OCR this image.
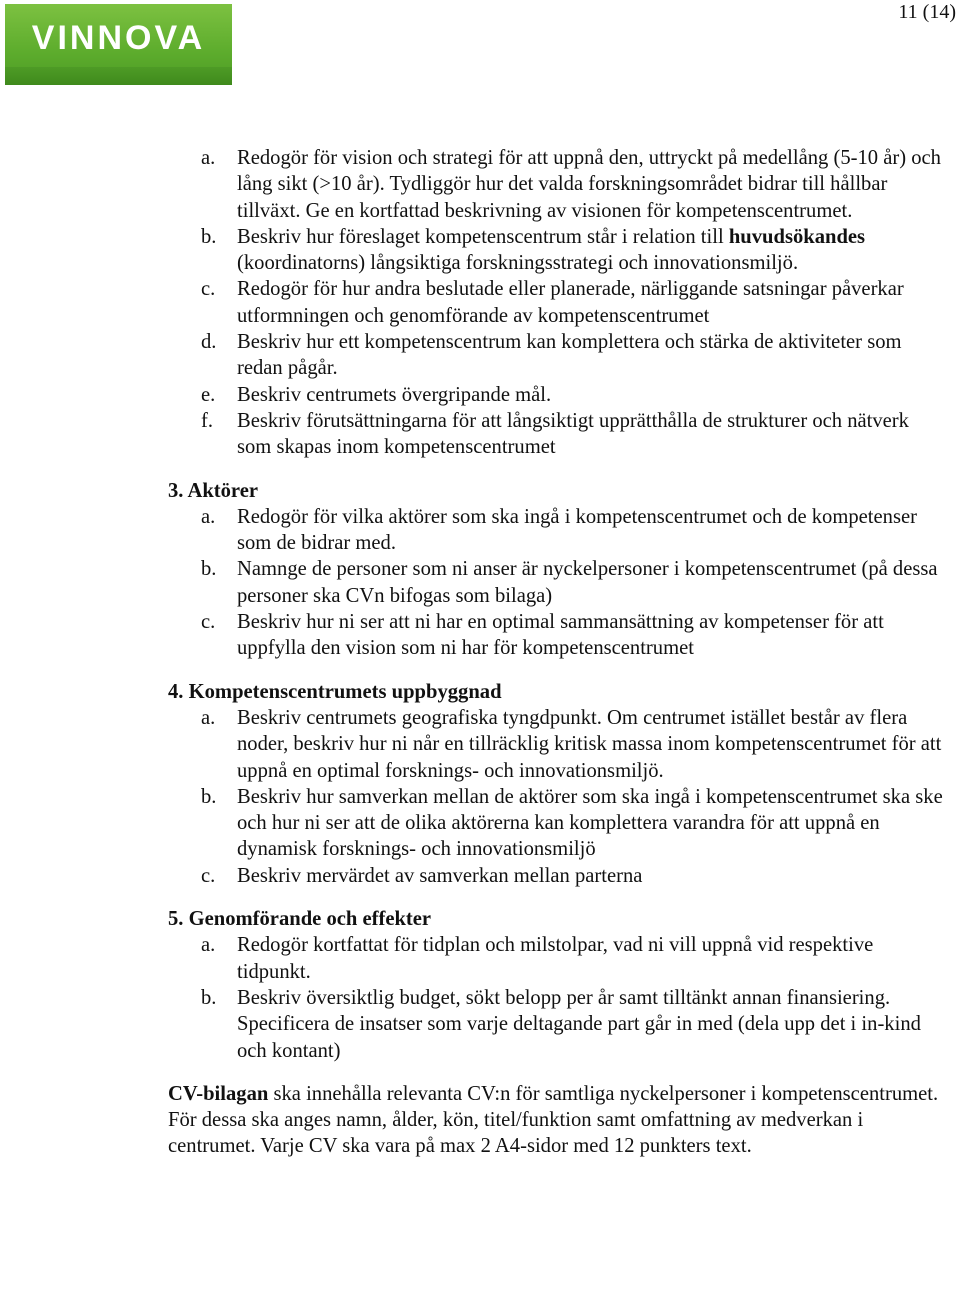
VINNOVA
11 (14)
a.	Redogör för vision och strategi för att uppnå den, uttryckt på medellång (5-10 år) och lång sikt (>10 år). Tydliggör hur det valda forskningsområdet bidrar till hållbar tillväxt. Ge en kortfattad beskrivning av visionen för kompetenscentrumet.
b. Beskriv hur föreslaget kompetenscentrum står i relation till huvudsökandes (koordinatorns) långsiktiga forskningsstrategi och innovationsmiljö.
c.	Redogör för hur andra beslutade eller planerade, närliggande satsningar påverkar utformningen och genomförande av kompetenscentrumet
d. Beskriv hur ett kompetenscentrum kan komplettera och stärka de aktiviteter som redan pågår.
e.	Beskriv centrumets övergripande mål.
f.	Beskriv förutsättningarna för att långsiktigt upprätthålla de strukturer och nätverk som skapas inom kompetenscentrumet
3. Aktörer
a.	Redogör för vilka aktörer som ska ingå i kompetenscentrumet och de kompetenser som de bidrar med.
b. Namnge de personer som ni anser är nyckelpersoner i kompetenscentrumet (på dessa personer ska CVn bifogas som bilaga)
c.	Beskriv hur ni ser att ni har en optimal sammansättning av kompetenser för att uppfylla den vision som ni har för kompetenscentrumet
4. Kompetenscentrumets uppbyggnad
a.	Beskriv centrumets geografiska tyngdpunkt. Om centrumet istället består av flera noder, beskriv hur ni når en tillräcklig kritisk massa inom kompetenscentrumet för att uppnå en optimal forsknings- och innovationsmiljö.
b. Beskriv hur samverkan mellan de aktörer som ska ingå i kompetenscentrumet ska ske och hur ni ser att de olika aktörerna kan komplettera varandra för att uppnå en dynamisk forsknings- och innovationsmiljö
c.	Beskriv mervärdet av samverkan mellan parterna
5. Genomförande och effekter
a.	Redogör kortfattat för tidplan och milstolpar, vad ni vill uppnå vid respektive tidpunkt.
b. Beskriv översiktlig budget, sökt belopp per år samt tilltänkt annan finansiering. Specificera de insatser som varje deltagande part går in med (dela upp det i in-kind och kontant)
CV-bilagan ska innehålla relevanta CV:n för samtliga nyckelpersoner i kompetenscentrumet. För dessa ska anges namn, ålder, kön, titel/funktion samt omfattning av medverkan i centrumet. Varje CV ska vara på max 2 A4-sidor med 12 punkters text.
